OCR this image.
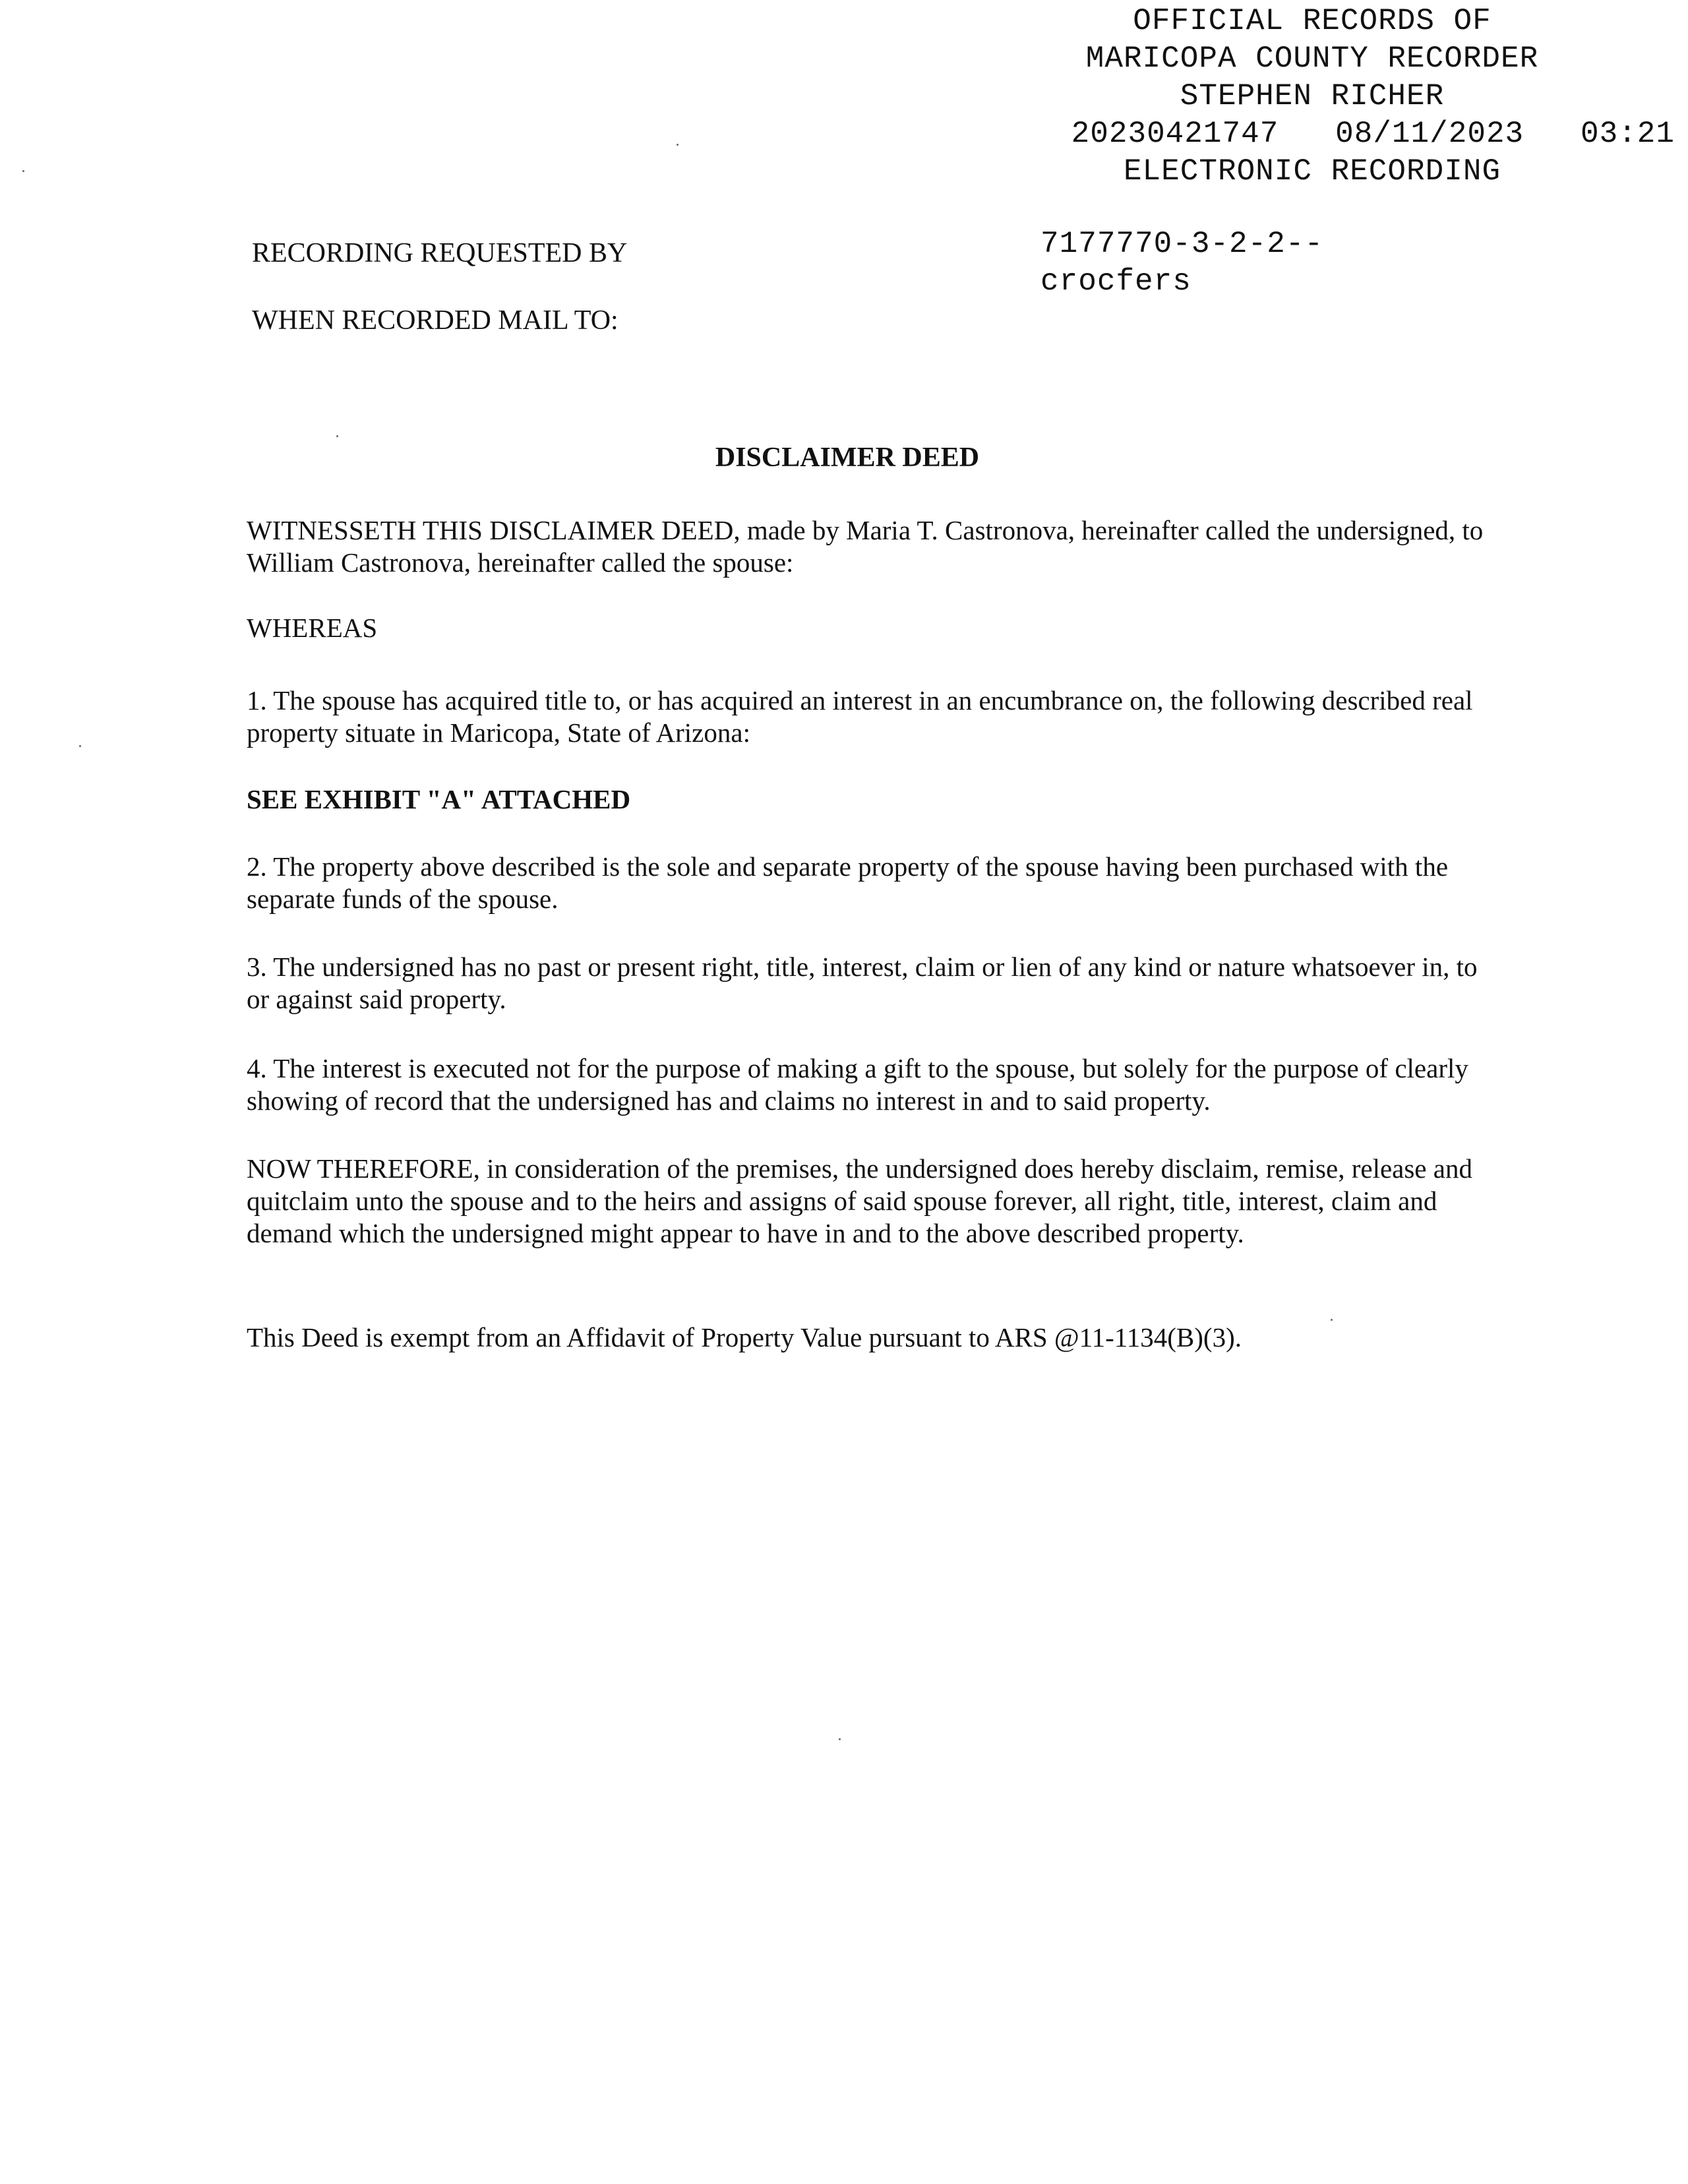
OFFICIAL RECORDS OF
MARICOPA COUNTY RECORDER
STEPHEN RICHER
20230421747   08/11/2023   03:21
ELECTRONIC RECORDING
7177770-3-2-2--
crocfers
RECORDING REQUESTED BY
WHEN RECORDED MAIL TO:
DISCLAIMER DEED

WITNESSETH THIS DISCLAIMER DEED, made by Maria T. Castronova, hereinafter called the undersigned, to William Castronova, hereinafter called the spouse:

WHEREAS

1. The spouse has acquired title to, or has acquired an interest in an encumbrance on, the following described real property situate in Maricopa, State of Arizona:

SEE EXHIBIT "A" ATTACHED

2. The property above described is the sole and separate property of the spouse having been purchased with the separate funds of the spouse.

3. The undersigned has no past or present right, title, interest, claim or lien of any kind or nature whatsoever in, to or against said property.

4. The interest is executed not for the purpose of making a gift to the spouse, but solely for the purpose of clearly showing of record that the undersigned has and claims no interest in and to said property.

NOW THEREFORE, in consideration of the premises, the undersigned does hereby disclaim, remise, release and quitclaim unto the spouse and to the heirs and assigns of said spouse forever, all right, title, interest, claim and demand which the undersigned might appear to have in and to the above described property.

This Deed is exempt from an Affidavit of Property Value pursuant to ARS @11-1134(B)(3).
